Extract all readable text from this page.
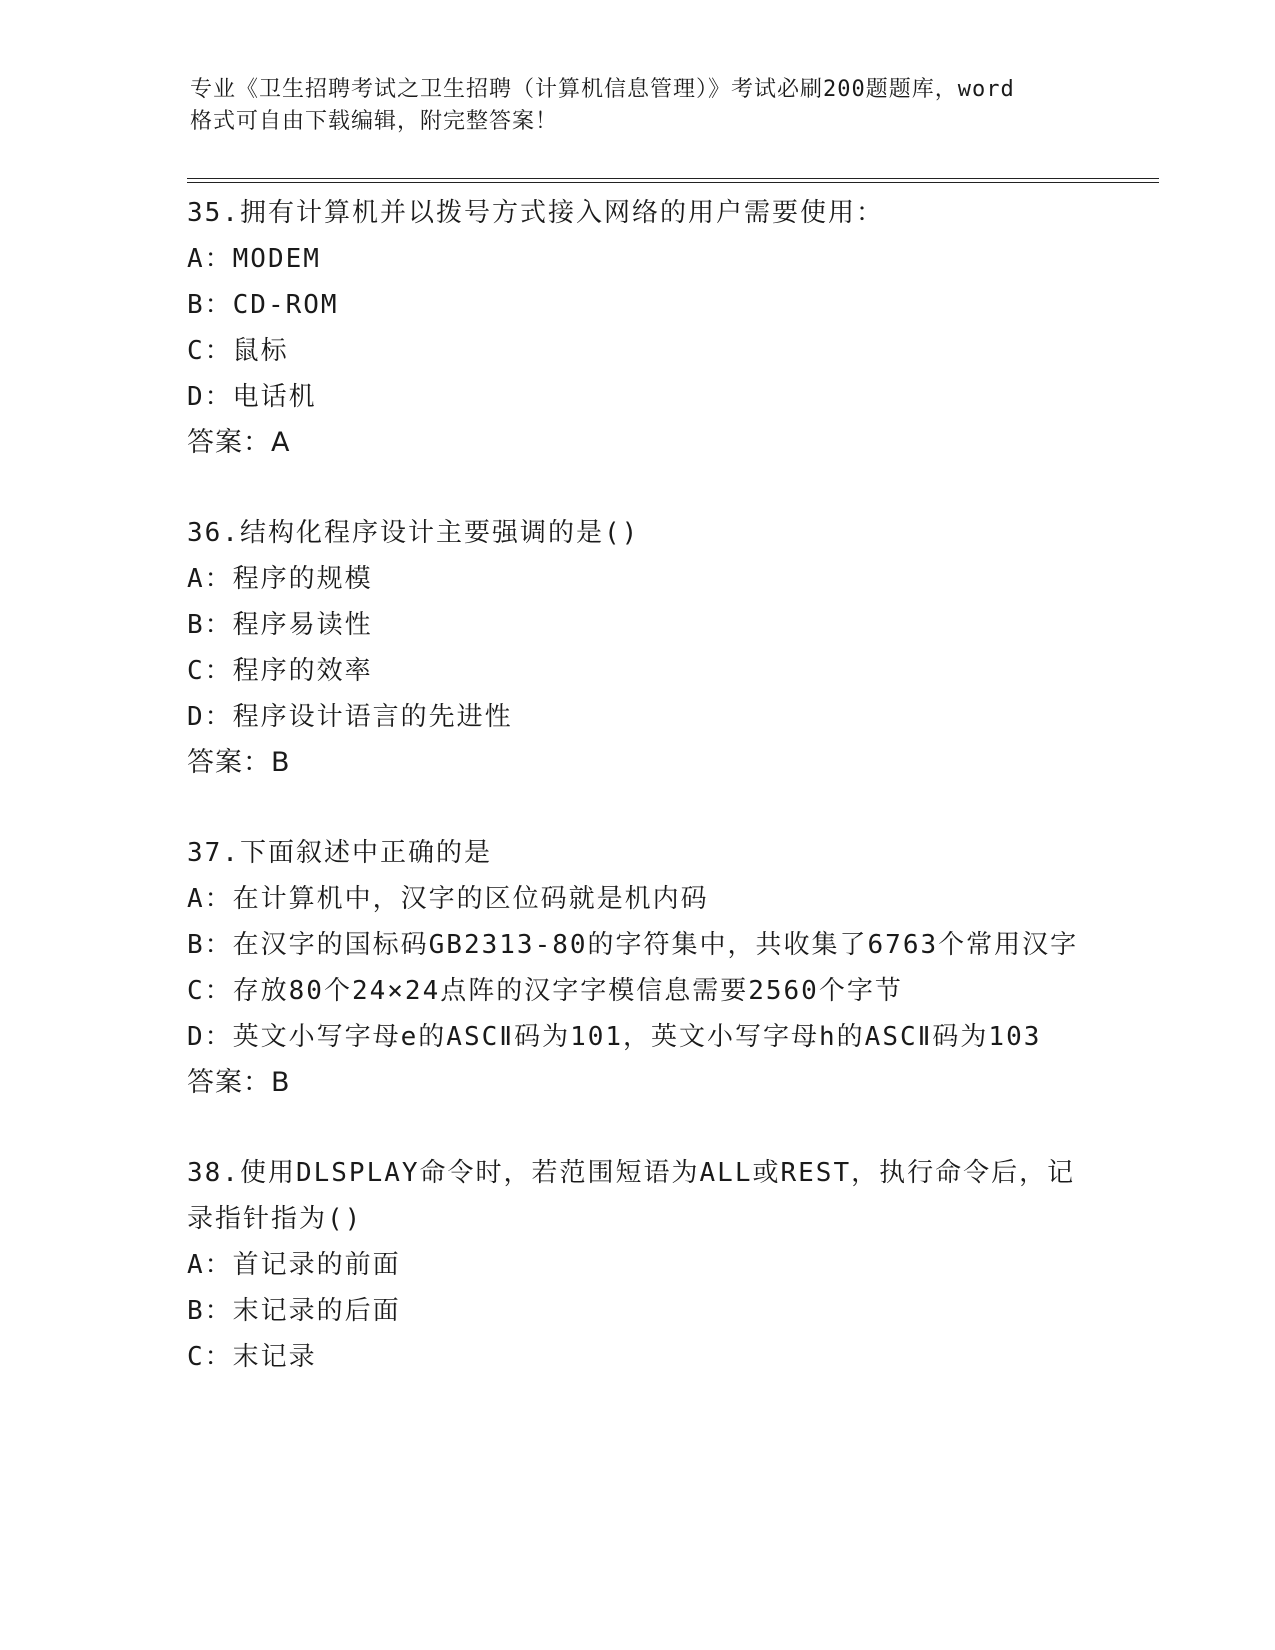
专业《卫生招聘考试之卫生招聘（计算机信息管理）》考试必刷200题题库，word
格式可自由下载编辑，附完整答案！

35.拥有计算机并以拨号方式接入网络的用户需要使用：

A：MODEM

B：CD-ROM

C：鼠标

D：电话机

答案：A

36.结构化程序设计主要强调的是()

A：程序的规模

B：程序易读性

C：程序的效率

D：程序设计语言的先进性

答案：B

37.下面叙述中正确的是

A：在计算机中，汉字的区位码就是机内码

B：在汉字的国标码GB2313-80的字符集中，共收集了6763个常用汉字

C：存放80个24×24点阵的汉字字模信息需要2560个字节

D：英文小写字母e的ASCⅡ码为101，英文小写字母h的ASCⅡ码为103

答案：B

38.使用DLSPLAY命令时，若范围短语为ALL或REST，执行命令后，记录指针指为()

A：首记录的前面

B：末记录的后面

C：末记录
